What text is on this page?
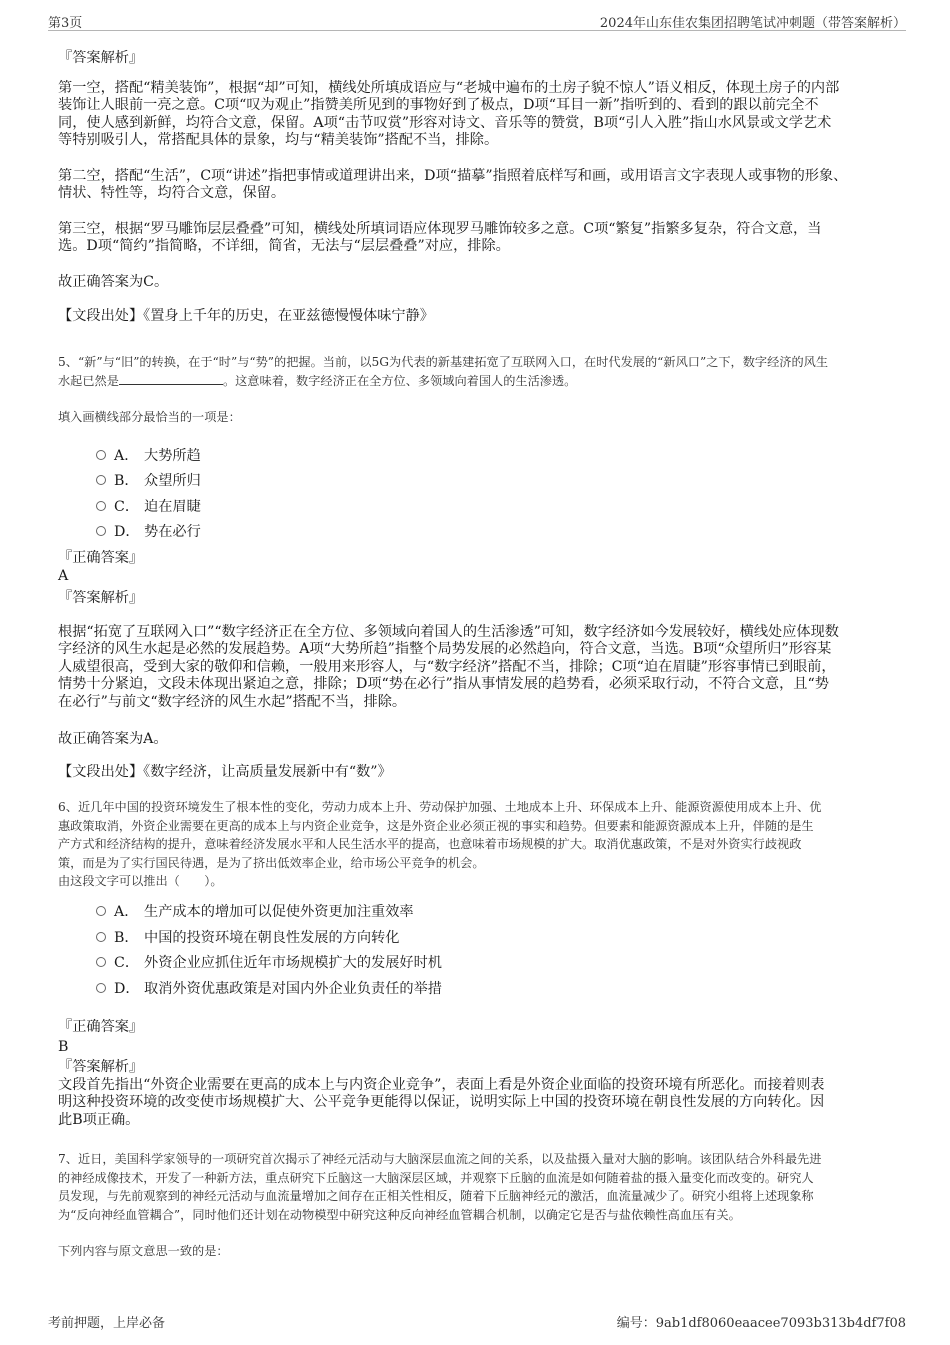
第3页	2024年山东佳农集团招聘笔试冲刺题（带答案解析）
『答案解析』
第一空，搭配“精美装饰”，根据“却”可知，横线处所填成语应与“老城中遍布的土房子貌不惊人”语义相反，体现土房子的内部
装饰让人眼前一亮之意。C项“叹为观止”指赞美所见到的事物好到了极点，D项“耳目一新”指听到的、看到的跟以前完全不
同，使人感到新鲜，均符合文意，保留。A项“击节叹赏”形容对诗文、音乐等的赞赏，B项“引人入胜”指山水风景或文学艺术
等特别吸引人，常搭配具体的景象，均与“精美装饰”搭配不当，排除。
第二空，搭配“生活”，C项“讲述”指把事情或道理讲出来，D项“描摹”指照着底样写和画，或用语言文字表现人或事物的形象、
情状、特性等，均符合文意，保留。
第三空，根据“罗马雕饰层层叠叠”可知，横线处所填词语应体现罗马雕饰较多之意。C项“繁复”指繁多复杂，符合文意，当
选。D项“简约”指简略，不详细，简省，无法与“层层叠叠”对应，排除。
故正确答案为C。
【文段出处】《置身上千年的历史，在亚兹德慢慢体味宁静》
5、“新”与“旧”的转换，在于“时”与“势”的把握。当前，以5G为代表的新基建拓宽了互联网入口，在时代发展的“新风口”之下，数字经济的风生
水起已然是	。这意味着，数字经济正在全方位、多领域向着国人的生活渗透。
填入画横线部分最恰当的一项是：
A． 大势所趋
B． 众望所归
C． 迫在眉睫
D． 势在必行
『正确答案』
A
『答案解析』
根据“拓宽了互联网入口”“数字经济正在全方位、多领域向着国人的生活渗透”可知，数字经济如今发展较好，横线处应体现数
字经济的风生水起是必然的发展趋势。A项“大势所趋”指整个局势发展的必然趋向，符合文意，当选。B项“众望所归”形容某
人威望很高，受到大家的敬仰和信赖，一般用来形容人，与“数字经济”搭配不当，排除；C项“迫在眉睫”形容事情已到眼前，
情势十分紧迫，文段未体现出紧迫之意，排除；D项“势在必行”指从事情发展的趋势看，必须采取行动，不符合文意，且“势
在必行”与前文“数字经济的风生水起”搭配不当，排除。
故正确答案为A。
【文段出处】《数字经济，让高质量发展新中有“数”》
6、近几年中国的投资环境发生了根本性的变化，劳动力成本上升、劳动保护加强、土地成本上升、环保成本上升、能源资源使用成本上升、优
惠政策取消，外资企业需要在更高的成本上与内资企业竞争，这是外资企业必须正视的事实和趋势。但要素和能源资源成本上升，伴随的是生
产方式和经济结构的提升，意味着经济发展水平和人民生活水平的提高，也意味着市场规模的扩大。取消优惠政策，不是对外资实行歧视政
策，而是为了实行国民待遇，是为了挤出低效率企业，给市场公平竞争的机会。
由这段文字可以推出（　　）。
A． 生产成本的增加可以促使外资更加注重效率
B． 中国的投资环境在朝良性发展的方向转化
C． 外资企业应抓住近年市场规模扩大的发展好时机
D． 取消外资优惠政策是对国内外企业负责任的举措
『正确答案』
B
『答案解析』
文段首先指出“外资企业需要在更高的成本上与内资企业竞争”，表面上看是外资企业面临的投资环境有所恶化。而接着则表
明这种投资环境的改变使市场规模扩大、公平竞争更能得以保证，说明实际上中国的投资环境在朝良性发展的方向转化。因
此B项正确。
7、近日，美国科学家领导的一项研究首次揭示了神经元活动与大脑深层血流之间的关系，以及盐摄入量对大脑的影响。该团队结合外科最先进
的神经成像技术，开发了一种新方法，重点研究下丘脑这一大脑深层区域，并观察下丘脑的血流是如何随着盐的摄入量变化而改变的。研究人
员发现，与先前观察到的神经元活动与血流量增加之间存在正相关性相反，随着下丘脑神经元的激活，血流量减少了。研究小组将上述现象称
为“反向神经血管耦合”，同时他们还计划在动物模型中研究这种反向神经血管耦合机制，以确定它是否与盐依赖性高血压有关。
下列内容与原文意思一致的是：
考前押题，上岸必备	编号：9ab1df8060eaacee7093b313b4df7f08
